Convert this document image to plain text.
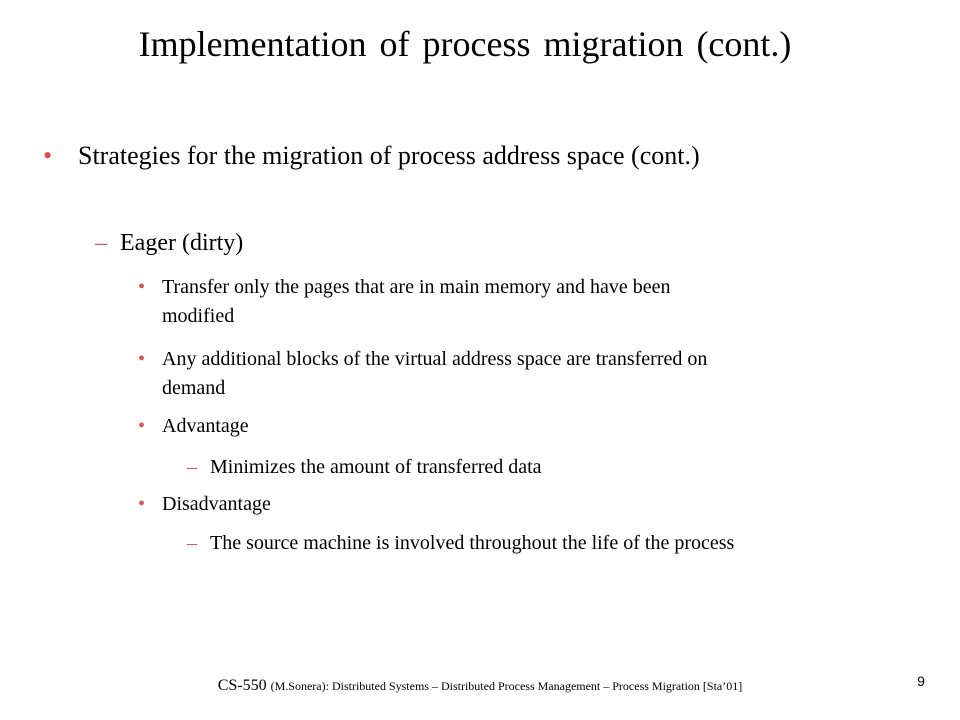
Implementation of process migration (cont.)
• Strategies for the migration of process address space (cont.)
– Eager (dirty)
• Transfer only the pages that are in main memory and have been
modified
• Any additional blocks of the virtual address space are transferred on
demand
• Advantage
– Minimizes the amount of transferred data
• Disadvantage
– The source machine is involved throughout the life of the process
CS-550 (M.Sonera): Distributed Systems – Distributed Process Management – Process Migration [Sta’01]	9
